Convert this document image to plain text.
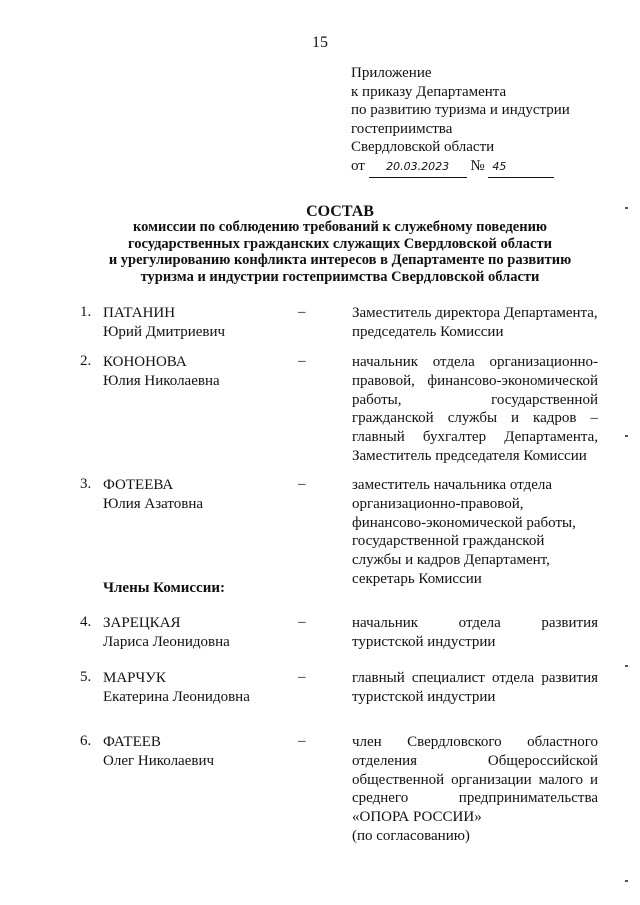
15
Приложение
к приказу Департамента
по развитию туризма и индустрии
гостеприимства
Свердловской области
от 20.03.2023 № 45
СОСТАВ
комиссии по соблюдению требований к служебному поведению
государственных гражданских служащих Свердловской области
и урегулированию конфликта интересов в Департаменте по развитию
туризма и индустрии гостеприимства Свердловской области
1. ПАТАНИН
Юрий Дмитриевич
–	Заместитель директора Департамента,
председатель Комиссии
2. КОНОНОВА
Юлия Николаевна
–	начальник отдела организационно-
правовой, финансово-экономической
работы, государственной
гражданской службы и кадров –
главный бухгалтер Департамента,
Заместитель председателя Комиссии
3. ФОТЕЕВА
Юлия Азатовна
–	заместитель начальника отдела
организационно-правовой,
финансово-экономической работы,
государственной гражданской
службы и кадров Департамент,
секретарь Комиссии
Члены Комиссии:
4. ЗАРЕЦКАЯ
Лариса Леонидовна
–	начальник отдела развития
туристской индустрии
5. МАРЧУК
Екатерина Леонидовна
–	главный специалист отдела развития
туристской индустрии
6. ФАТЕЕВ
Олег Николаевич
–	член Свердловского областного
отделения Общероссийской
общественной организации малого и
среднего предпринимательства
«ОПОРА РОССИИ»
(по согласованию)
